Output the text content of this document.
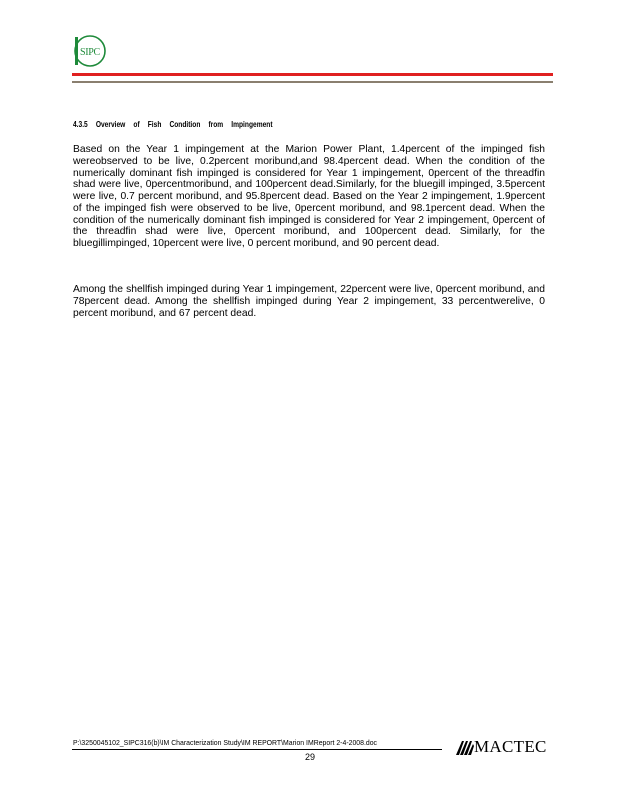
SIPC
4.3.5 Overview of Fish Condition from Impingement

Based on the Year 1 impingement at the Marion Power Plant, 1.4percent of the impinged fish wereobserved to be live, 0.2percent moribund,and 98.4percent dead. When the condition of the numerically dominant fish impinged is considered for Year 1 impingement, 0percent of the threadfin shad were live, 0percentmoribund, and 100percent dead.Similarly, for the bluegill impinged, 3.5percent were live, 0.7 percent moribund, and 95.8percent dead. Based on the Year 2 impingement, 1.9percent of the impinged fish were observed to be live, 0percent moribund, and 98.1percent dead. When the condition of the numerically dominant fish impinged is considered for Year 2 impingement, 0percent of the threadfin shad were live, 0percent moribund, and 100percent dead. Similarly, for the bluegillimpinged, 10percent were live, 0 percent moribund, and 90 percent dead.

Among the shellfish impinged during Year 1 impingement, 22percent were live, 0percent moribund, and 78percent dead. Among the shellfish impinged during Year 2 impingement, 33 percentwerelive, 0 percent moribund, and 67 percent dead.

P:\3250045102_SIPC316(b)\IM Characterization Study\IM REPORT\Marion IMReport 2-4-2008.doc
29
MACTEC
